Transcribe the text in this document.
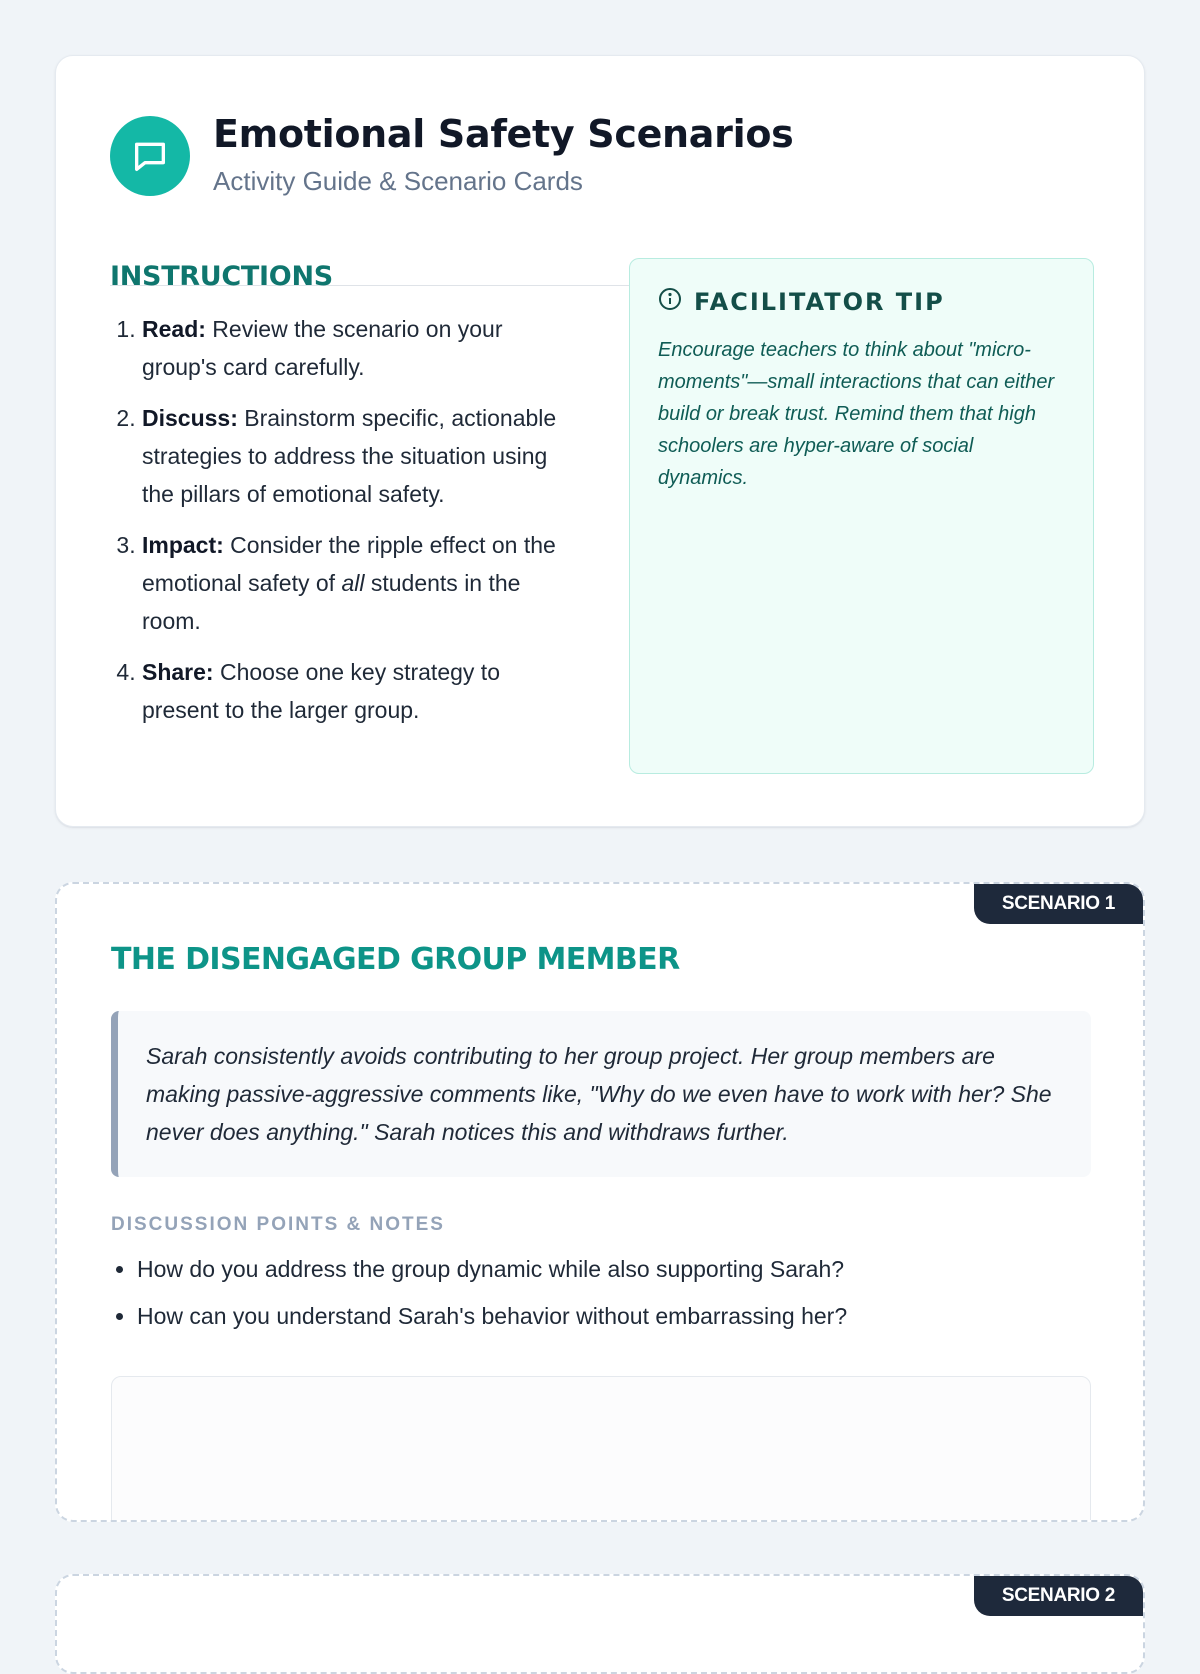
Emotional Safety Scenarios
Activity Guide & Scenario Cards
INSTRUCTIONS
1. Read: Review the scenario on your group's card carefully.
2. Discuss: Brainstorm specific, actionable strategies to address the situation using the pillars of emotional safety.
3. Impact: Consider the ripple effect on the emotional safety of all students in the room.
4. Share: Choose one key strategy to present to the larger group.
FACILITATOR TIP
Encourage teachers to think about "micro-moments"—small interactions that can either build or break trust. Remind them that high schoolers are hyper-aware of social dynamics.
SCENARIO 1
THE DISENGAGED GROUP MEMBER
Sarah consistently avoids contributing to her group project. Her group members are making passive-aggressive comments like, "Why do we even have to work with her? She never does anything." Sarah notices this and withdraws further.
DISCUSSION POINTS & NOTES
• How do you address the group dynamic while also supporting Sarah?
• How can you understand Sarah's behavior without embarrassing her?
SCENARIO 2
